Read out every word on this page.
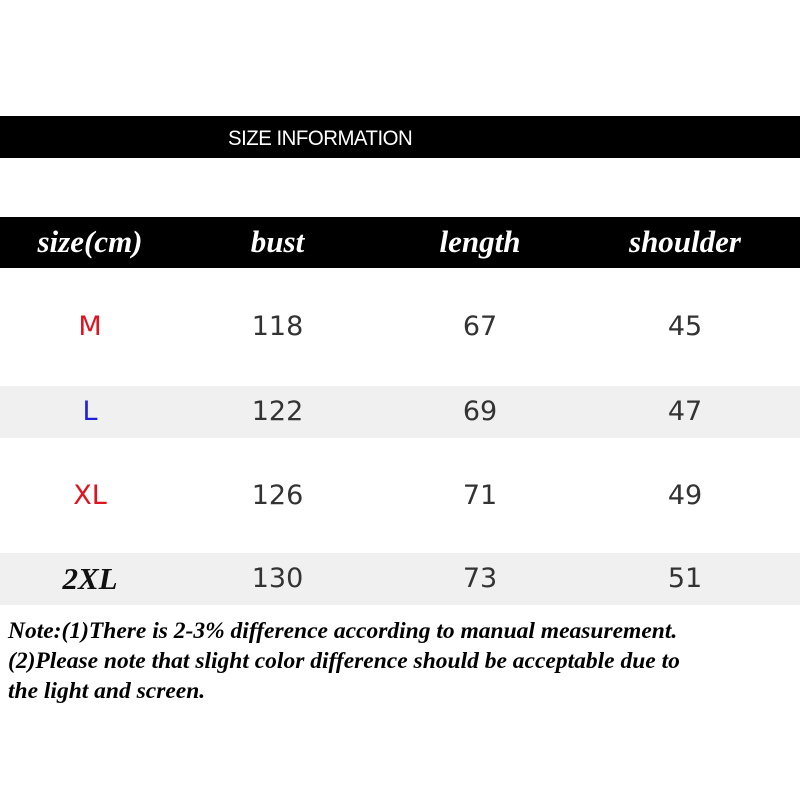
SIZE INFORMATION
size(cm)	bust	length	shoulder
M	118	67	45
L	122	69	47
XL	126	71	49
2XL	130	73	51
Note:(1)There is 2-3% difference according to manual measurement.
(2)Please note that slight color difference should be acceptable due to
the light and screen.
